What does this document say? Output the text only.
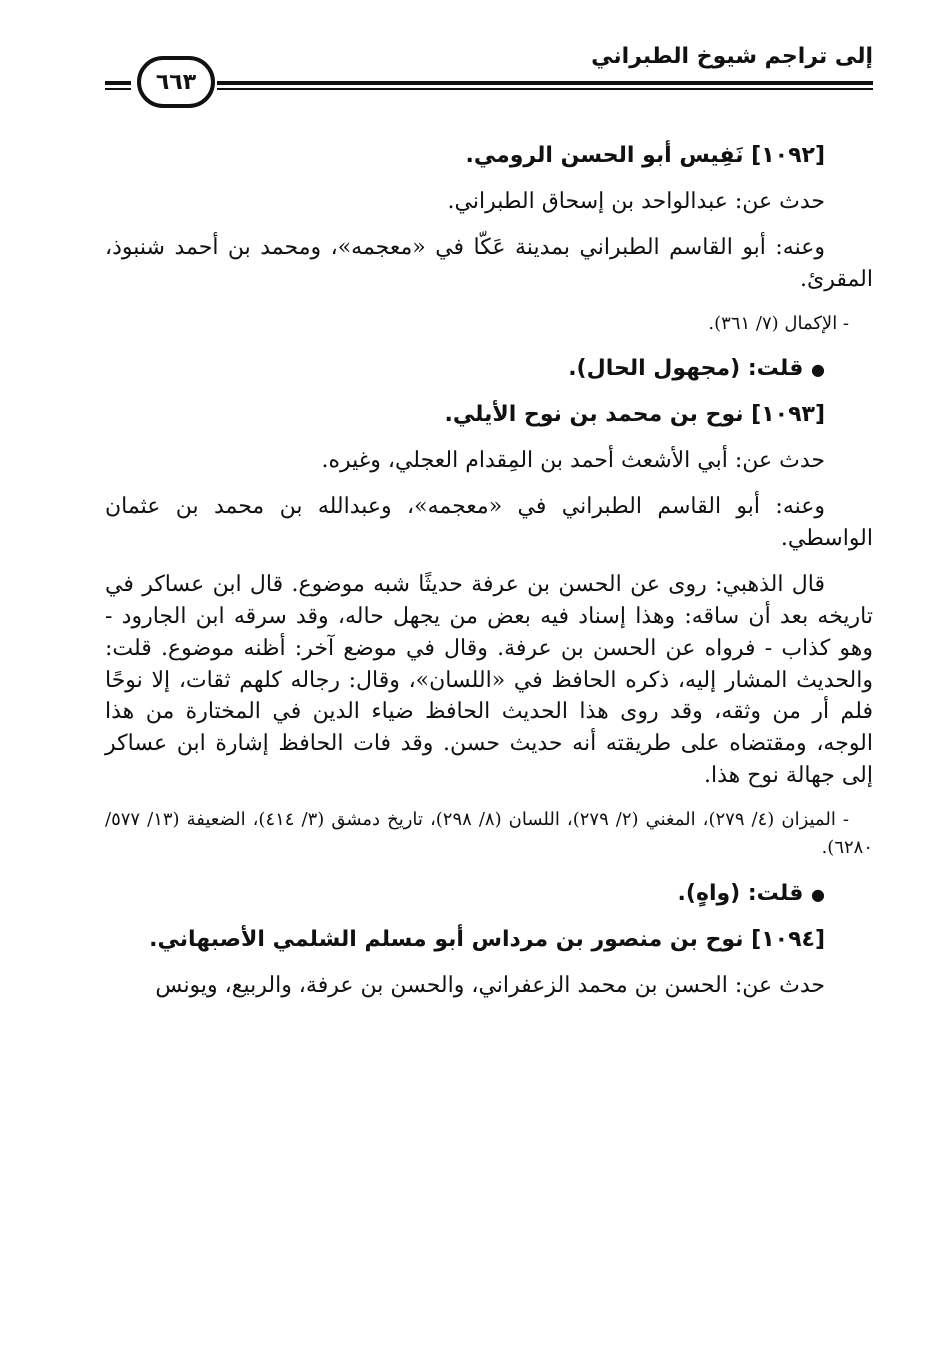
إلى تراجم شيوخ الطبراني
٦٦٣

[١٠٩٢] نَفِيس أبو الحسن الرومي.

حدث عن: عبدالواحد بن إسحاق الطبراني.

وعنه: أبو القاسم الطبراني بمدينة عَكّا في «معجمه»، ومحمد بن أحمد شنبوذ، المقرئ.

- الإكمال (٧/ ٣٦١).

● قلت: (مجهول الحال).

[١٠٩٣] نوح بن محمد بن نوح الأيلي.

حدث عن: أبي الأشعث أحمد بن المِقدام العجلي، وغيره.

وعنه: أبو القاسم الطبراني في «معجمه»، وعبدالله بن محمد بن عثمان الواسطي.

قال الذهبي: روى عن الحسن بن عرفة حديثًا شبه موضوع. قال ابن عساكر في تاريخه بعد أن ساقه: وهذا إسناد فيه بعض من يجهل حاله، وقد سرقه ابن الجارود - وهو كذاب - فرواه عن الحسن بن عرفة. وقال في موضع آخر: أظنه موضوع. قلت: والحديث المشار إليه، ذكره الحافظ في «اللسان»، وقال: رجاله كلهم ثقات، إلا نوحًا فلم أر من وثقه، وقد روى هذا الحديث الحافظ ضياء الدين في المختارة من هذا الوجه، ومقتضاه على طريقته أنه حديث حسن. وقد فات الحافظ إشارة ابن عساكر إلى جهالة نوح هذا.

- الميزان (٤/ ٢٧٩)، المغني (٢/ ٢٧٩)، اللسان (٨/ ٢٩٨)، تاريخ دمشق (٣/ ٤١٤)، الضعيفة (١٣/ ٥٧٧/ ٦٢٨٠).

● قلت: (واهٍ).

[١٠٩٤] نوح بن منصور بن مرداس أبو مسلم الشلمي الأصبهاني.

حدث عن: الحسن بن محمد الزعفراني، والحسن بن عرفة، والربيع، ويونس
